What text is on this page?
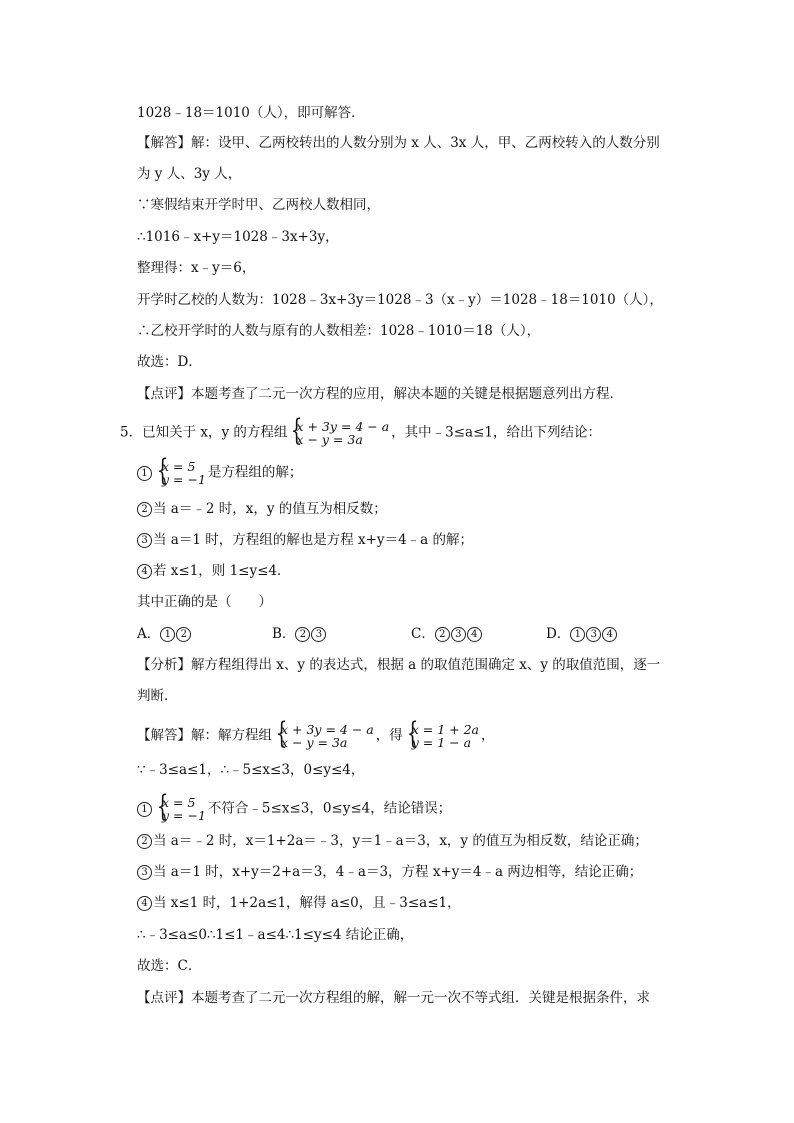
1028﹣18＝1010（人），即可解答．
【解答】解：设甲、乙两校转出的人数分别为 x 人、3x 人，甲、乙两校转入的人数分别
为 y 人、3y 人，
∵寒假结束开学时甲、乙两校人数相同，
∴1016﹣x+y＝1028﹣3x+3y，
整理得：x﹣y＝6，
开学时乙校的人数为：1028﹣3x+3y＝1028﹣3（x﹣y）＝1028﹣18＝1010（人），
∴乙校开学时的人数与原有的人数相差：1028﹣1010＝18（人），
故选：D．
【点评】本题考查了二元一次方程的应用，解决本题的关键是根据题意列出方程．
5．已知关于 x，y 的方程组 { x + 3y = 4 − a
x − y = 3a	，其中﹣3≤a≤1，给出下列结论：
1 { x = 5
y = −1 是方程组的解；
2 当 a＝﹣2 时，x，y 的值互为相反数；
3 当 a＝1 时，方程组的解也是方程 x+y＝4﹣a 的解；
4 若 x≤1，则 1≤y≤4．
其中正确的是（　　）
A． 1 2	B． 2 3	C． 2 3 4	D． 1 3 4
【分析】解方程组得出 x、y 的表达式，根据 a 的取值范围确定 x、y 的取值范围，逐一
判断．
【解答】解：解方程组 { x + 3y = 4 − a
x − y = 3a	，得 { x = 1 + 2a
y = 1 − a ，
∵﹣3≤a≤1，∴﹣5≤x≤3，0≤y≤4，
1 { x = 5
y = −1 不符合﹣5≤x≤3，0≤y≤4，结论错误；
2 当 a＝﹣2 时，x＝1+2a＝﹣3，y＝1﹣a＝3，x，y 的值互为相反数，结论正确；
3 当 a＝1 时，x+y＝2+a＝3，4﹣a＝3，方程 x+y＝4﹣a 两边相等，结论正确；
4 当 x≤1 时，1+2a≤1，解得 a≤0，且﹣3≤a≤1，
∴﹣3≤a≤0∴1≤1﹣a≤4∴1≤y≤4 结论正确，
故选：C．
【点评】本题考查了二元一次方程组的解，解一元一次不等式组．关键是根据条件，求
